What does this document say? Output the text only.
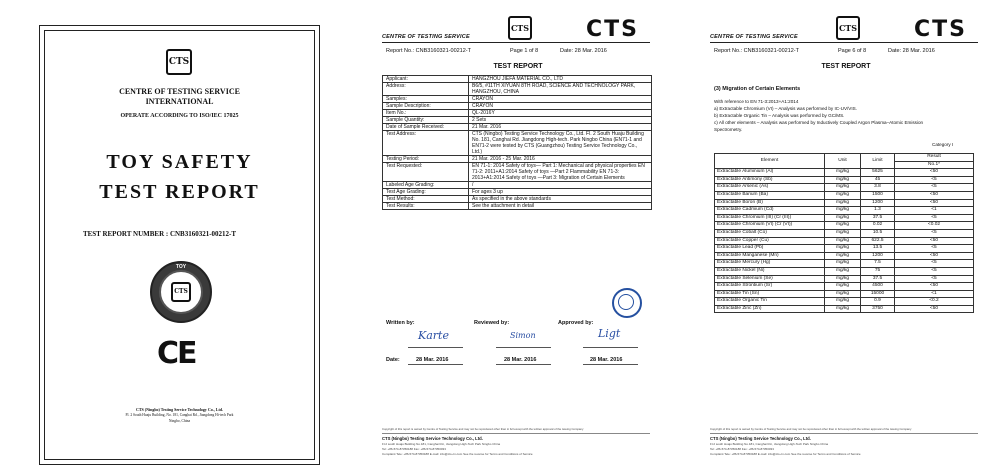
CTS
CENTRE OF TESTING SERVICE
INTERNATIONAL
OPERATE ACCORDING TO ISO/IEC 17025
TOY SAFETY
TEST REPORT
TEST REPORT NUMBER : CNB3160321-00212-T
CTS
TOY
CE
CTS (Ningbo) Testing Service Technology Co., Ltd.
Fl. 2 South Huaju Building, No. 181, Canghai Rd., Jiangdong Hi-tech Park
Ningbo, China
CTS	CTS
CENTRE OF TESTING SERVICE
Report No.: CNB3160321-00212-T	Page 1 of 8	Date: 28 Mar. 2016
TEST REPORT
Applicant:	HANGZHOU JIEFA MATERIAL CO., LTD
Address:	B6/5, #11TH XIYUAN 8TH ROAD, SCIENCE AND TECHNOLOGY PARK, HANGZHOU, CHINA
Samples:	CRAYON
Sample Description:	CRAYON
Item No.:	QL-2016Y
Sample Quantity:	2 Sets
Date of Sample Received:	21 Mar. 2016
Test Address:	CTS (Ningbo) Testing Service Technology Co., Ltd. Fl. 2 South Huaju Building No. 181, Canghai Rd. Jiangdong High-tech. Park Ningbo China (EN71-1 and EN71-2 were tested by CTS (Guangzhou) Testing Service Technology Co., Ltd.)
Testing Period:	21 Mar. 2016 - 25 Mar. 2016
Test Requested:	EN 71-1: 2014 Safety of toys— Part 1: Mechanical and physical properties EN 71-2: 2011+A1:2014 Safety of toys —Part 2 Flammability EN 71-3: 2013+A1:2014 Safety of toys —Part 3: Migration of Certain Elements
Labeled Age Grading:	/
Test Age Grading:	For ages 3 up
Test Method:	As specified in the above standards
Test Results:	See the attachment in detail
Written by:	Reviewed by:	Approved by:
Karte	Simon	Ligt
Date:	28 Mar. 2016	28 Mar. 2016	28 Mar. 2016
Copyright of this report is owned by Centre of Testing Service and may not be reproduced other than in full except with the written approval of the issuing Company
CTS (Ningbo) Testing Service Technology Co., Ltd.
Fl.2 south Huaju Building No.181, Canghai Rd., Jiangdong High-Tech Park Ningbo China
Tel: +86-574-87350188 Fax: +86-574-87350033
Complaint Tele: +86-574-87350188 E-mail: info@cts-cn.com See the reverse for Terms and Conditions of Service
CTS	CTS
CENTRE OF TESTING SERVICE
Report No.: CNB3160321-00212-T	Page 6 of 8	Date: 28 Mar. 2016
TEST REPORT
(3) Migration of Certain Elements
With reference to EN 71-3:2013+A1:2014
a) Extractable Chromium (VI) – Analysis was performed by IC-UV/VIS.
b) Extractable Organic Tin – Analysis was performed by GC/MS.
c) All other elements – Analysis was performed by Inductively Coupled Argon Plasma–Atomic Emission Spectrometry.
Category I
Element	Unit	Limit	Result
			No.1*
Extractable Aluminium (Al)	mg/kg	5625	<50
Extractable Antimony (Sb)	mg/kg	45	<5
Extractable Arsenic (As)	mg/kg	3.8	<5
Extractable Barium (Ba)	mg/kg	1500	<50
Extractable Boron (B)	mg/kg	1200	<50
Extractable Cadmium (Cd)	mg/kg	1.3	<1
Extractable Chromium (III) (Cr (III))	mg/kg	37.5	<5
Extractable Chromium (VI) (Cr (VI))	mg/kg	0.02	<0.02
Extractable Cobalt (Co)	mg/kg	10.5	<5
Extractable Copper (Cu)	mg/kg	622.5	<50
Extractable Lead (Pb)	mg/kg	13.5	<5
Extractable Manganese (Mn)	mg/kg	1200	<50
Extractable Mercury (Hg)	mg/kg	7.5	<5
Extractable Nickel (Ni)	mg/kg	75	<5
Extractable Selenium (Se)	mg/kg	37.5	<5
Extractable Strontium (Sr)	mg/kg	4500	<50
Extractable Tin (Sn)	mg/kg	15000	<1
Extractable Organic Tin	mg/kg	0.9	<0.2
Extractable Zinc (Zn)	mg/kg	3750	<50
Copyright of this report is owned by Centre of Testing Service and may not be reproduced other than in full except with the written approval of the issuing Company
CTS (Ningbo) Testing Service Technology Co., Ltd.
Fl.2 south Huaju Building No.181, Canghai Rd., Jiangdong High-Tech Park Ningbo China
Tel: +86-574-87350188 Fax: +86-574-87350033
Complaint Tele: +86-574-87350188 E-mail: info@cts-cn.com See the reverse for Terms and Conditions of Service
